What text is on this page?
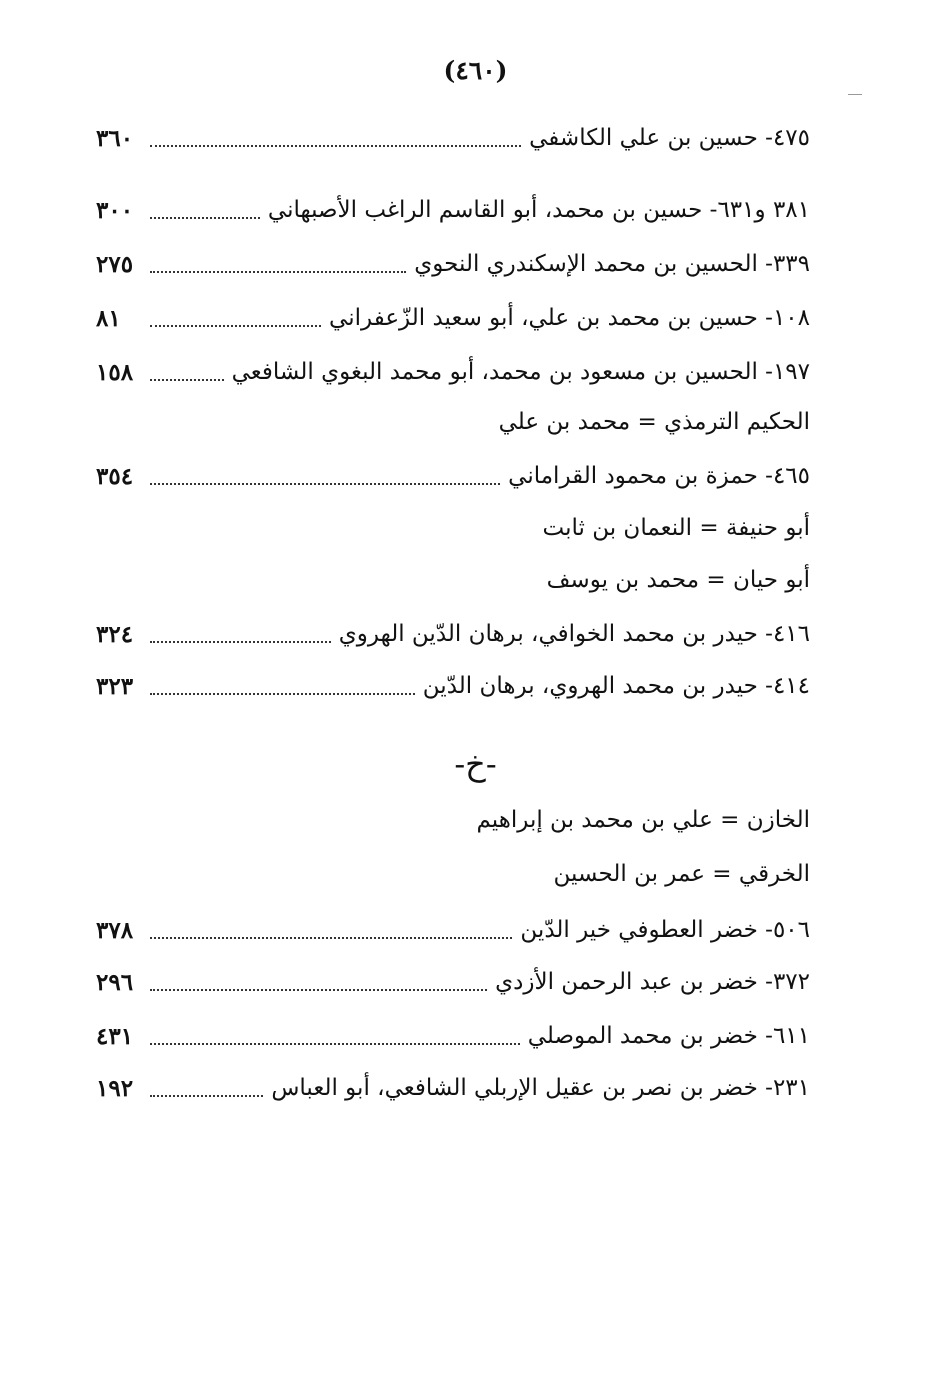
(٤٦٠)
٤٧٥- حسين بن علي الكاشفي
٣٦٠
٣٨١ و٦٣١- حسين بن محمد، أبو القاسم الراغب الأصبهاني
٣٠٠
٣٣٩- الحسين بن محمد الإسكندري النحوي
٢٧٥
١٠٨- حسين بن محمد بن علي، أبو سعيد الزّعفراني
٨١
١٩٧- الحسين بن مسعود بن محمد، أبو محمد البغوي الشافعي
١٥٨
الحكيم الترمذي = محمد بن علي
٤٦٥- حمزة بن محمود القراماني
٣٥٤
أبو حنيفة = النعمان بن ثابت
أبو حيان = محمد بن يوسف
٤١٦- حيدر بن محمد الخوافي، برهان الدّين الهروي
٣٢٤
٤١٤- حيدر بن محمد الهروي، برهان الدّين
٣٢٣
-خ-
الخازن = علي بن محمد بن إبراهيم
الخرقي = عمر بن الحسين
٥٠٦- خضر العطوفي خير الدّين
٣٧٨
٣٧٢- خضر بن عبد الرحمن الأزدي
٢٩٦
٦١١- خضر بن محمد الموصلي
٤٣١
٢٣١- خضر بن نصر بن عقيل الإربلي الشافعي، أبو العباس
١٩٢
